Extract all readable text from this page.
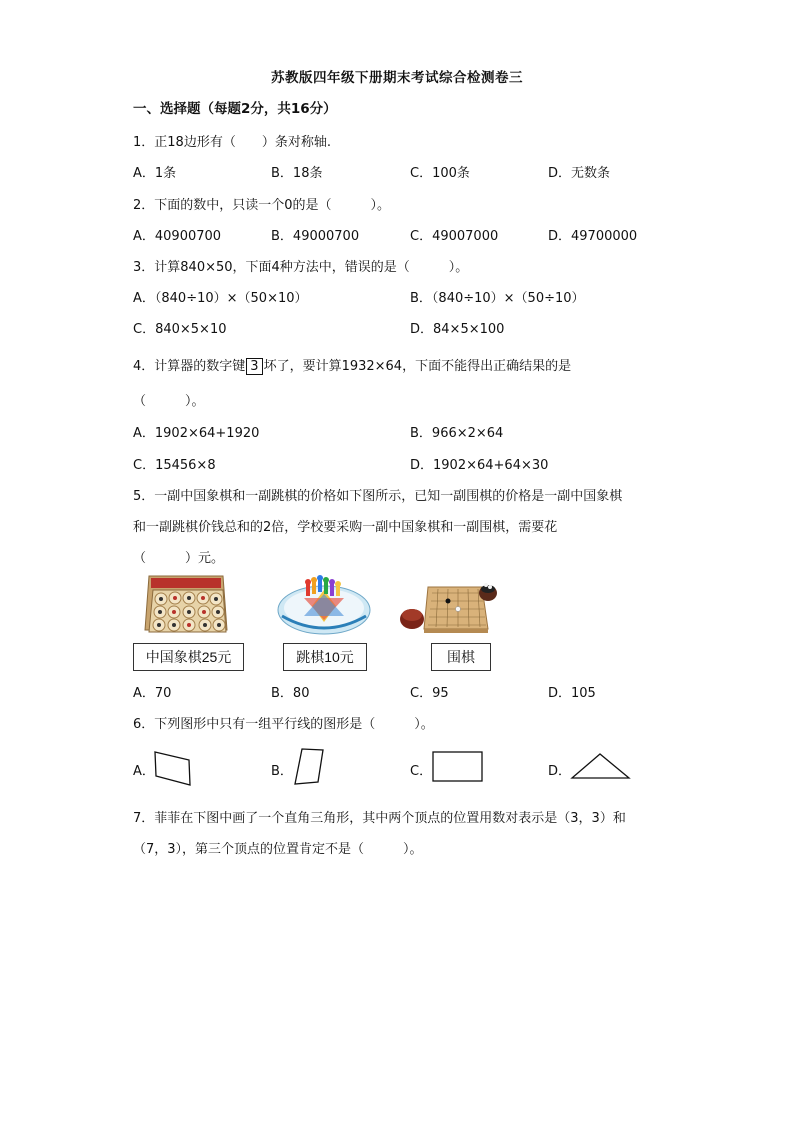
苏教版四年级下册期末考试综合检测卷三
一、选择题（每题2分，共16分）
1．正18边形有（　　）条对称轴.
A．1条	B．18条	C．100条	D．无数条
2．下面的数中，只读一个0的是（　　　）。
A．40900700	B．49000700	C．49007000	D．49700000
3．计算840×50，下面4种方法中，错误的是（　　　）。
A．（840÷10）×（50×10）	B．（840÷10）×（50÷10）
C．840×5×10	D．84×5×100
4．计算器的数字键 3 坏了，要计算1932×64，下面不能得出正确结果的是
（　　　）。
A．1902×64+1920	B．966×2×64
C．15456×8	D．1902×64+64×30
5．一副中国象棋和一副跳棋的价格如下图所示，已知一副围棋的价格是一副中国象棋
和一副跳棋价钱总和的2倍，学校要采购一副中国象棋和一副围棋，需要花
（　　　）元。
中国象棋25元	跳棋10元	围棋
A．70	B．80	C．95	D．105
6．下列图形中只有一组平行线的图形是（　　　）。
A．	B．	C．	D．
7．菲菲在下图中画了一个直角三角形，其中两个顶点的位置用数对表示是（3，3）和
（7，3），第三个顶点的位置肯定不是（　　　）。
